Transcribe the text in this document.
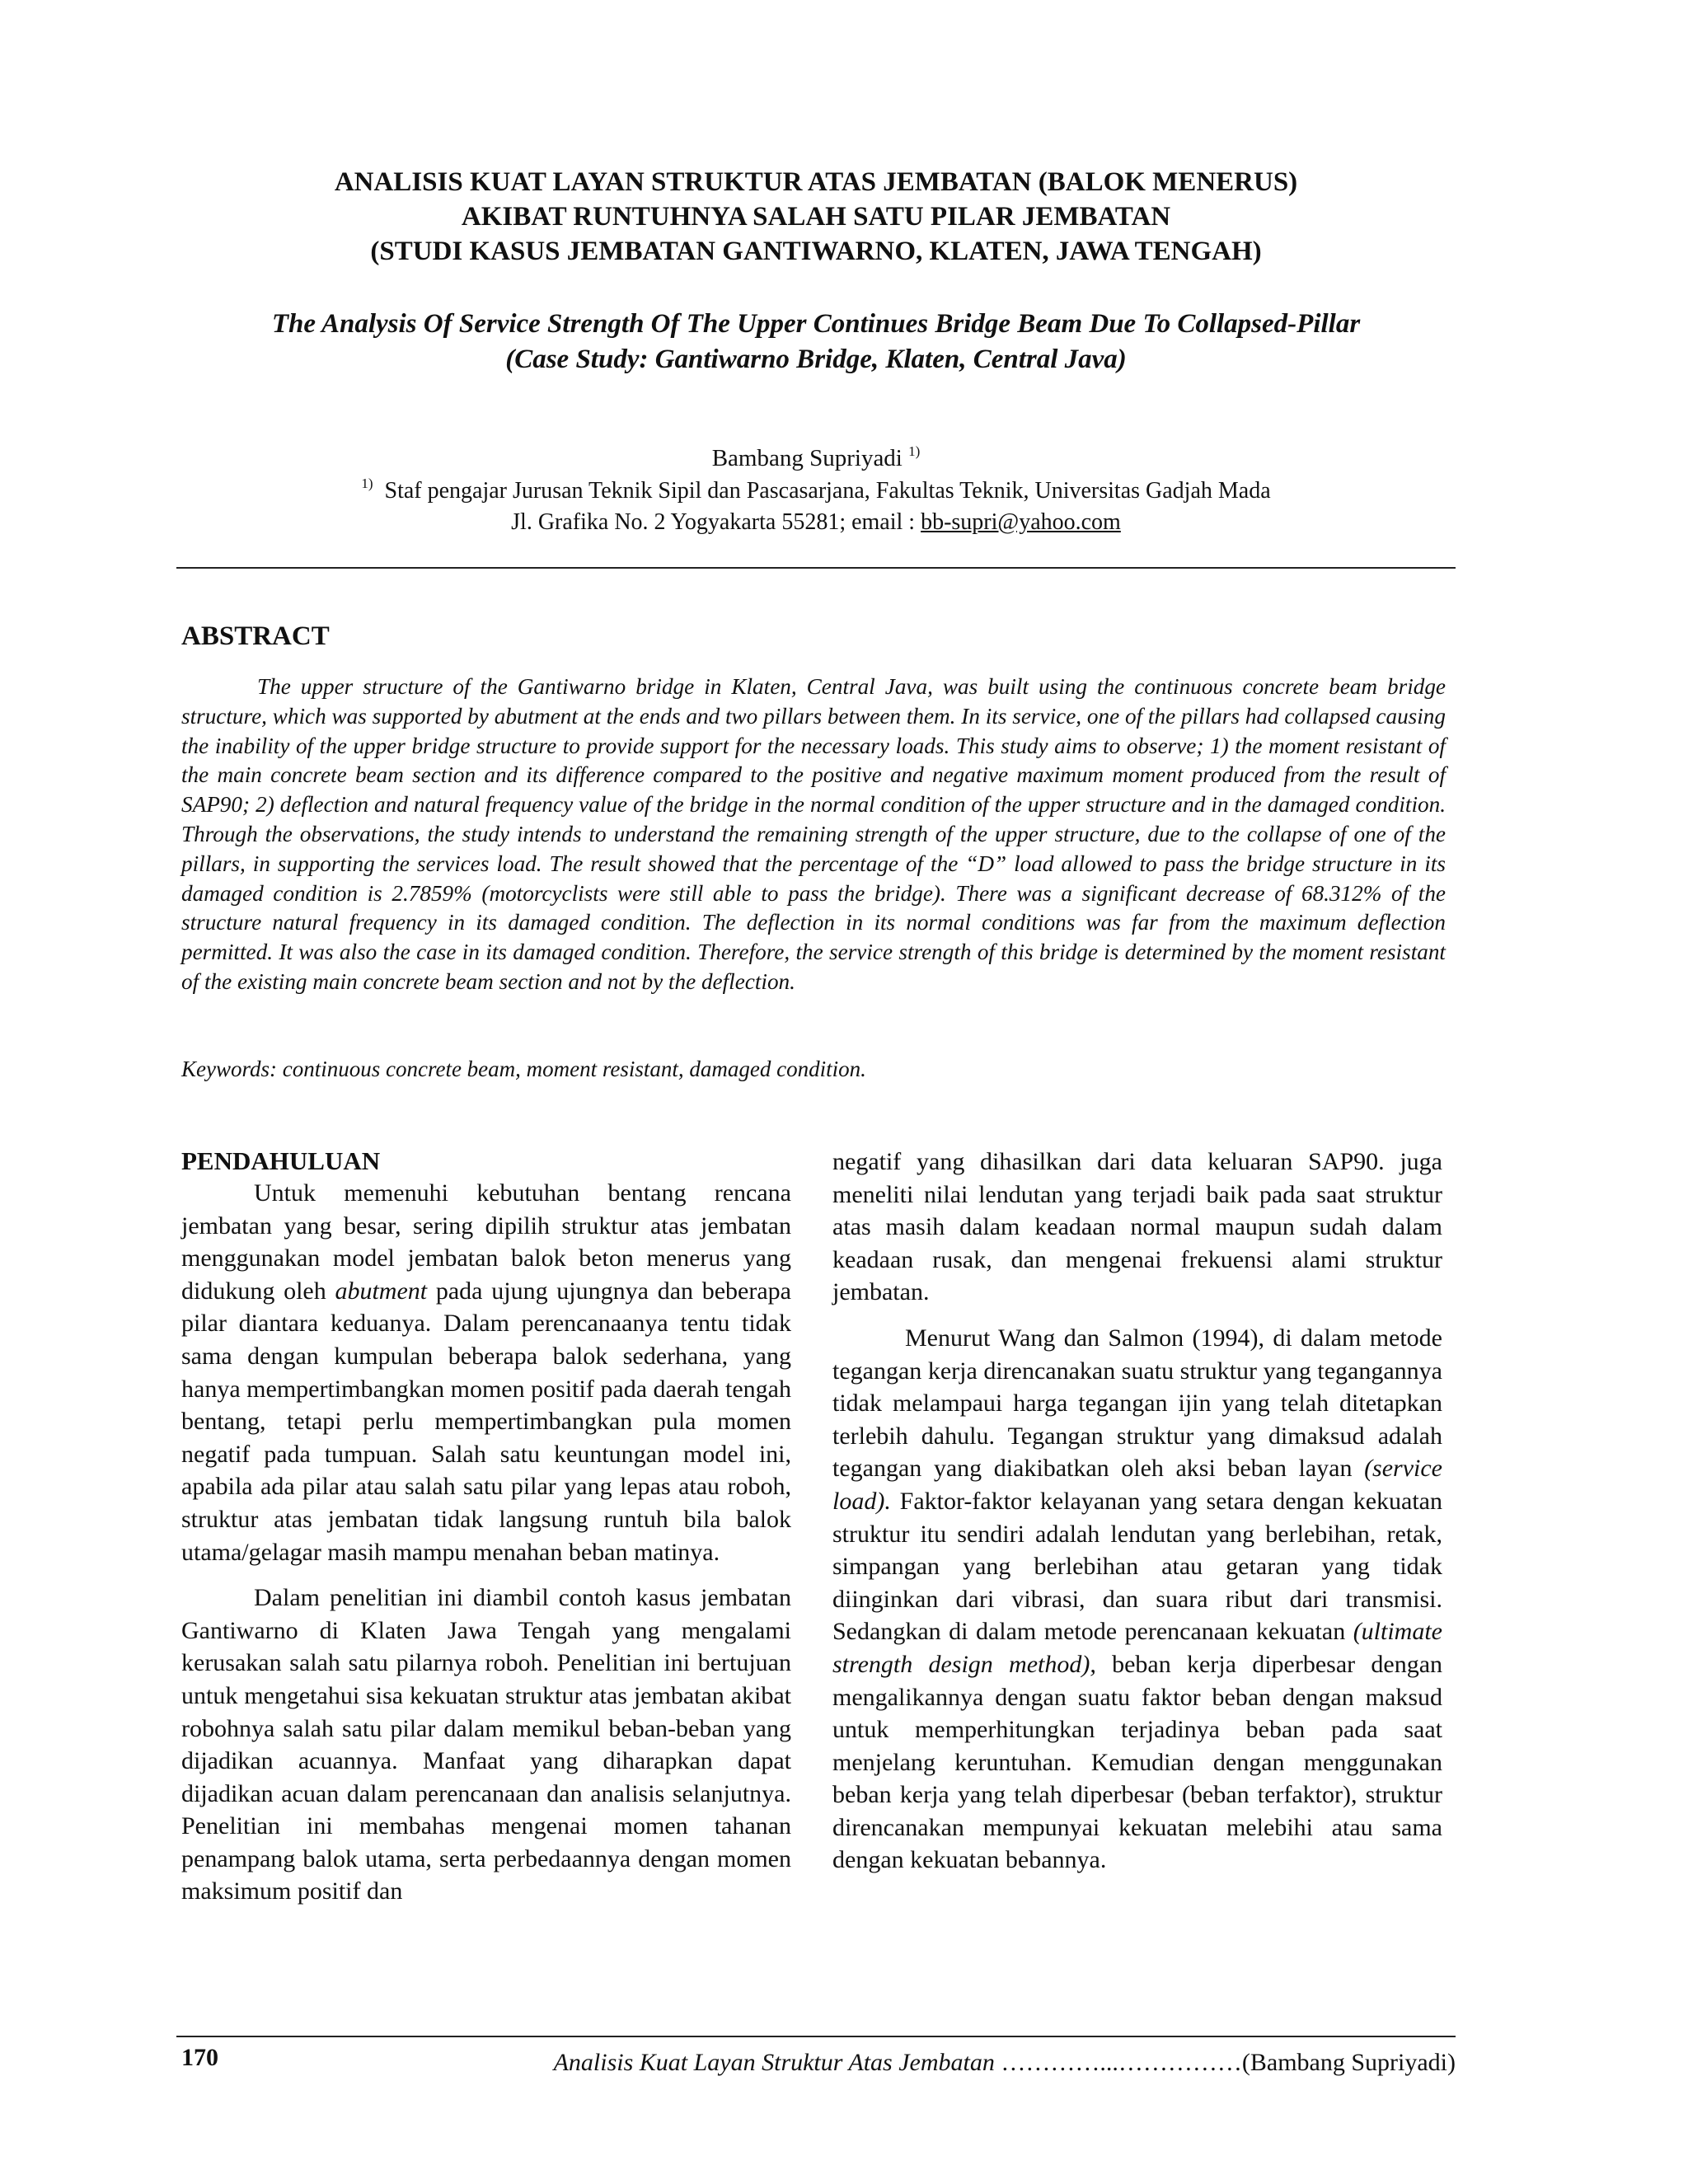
ANALISIS KUAT LAYAN STRUKTUR ATAS JEMBATAN (BALOK MENERUS)
AKIBAT RUNTUHNYA SALAH SATU PILAR JEMBATAN
(STUDI KASUS JEMBATAN GANTIWARNO, KLATEN, JAWA TENGAH)
The Analysis Of Service Strength Of The Upper Continues Bridge Beam Due To Collapsed-Pillar
(Case Study: Gantiwarno Bridge, Klaten, Central Java)
Bambang Supriyadi $^{1)}$
$^{1)}$ Staf pengajar Jurusan Teknik Sipil dan Pascasarjana, Fakultas Teknik, Universitas Gadjah Mada
Jl. Grafika No. 2 Yogyakarta 55281; email : bb-supri@yahoo.com
ABSTRACT

The upper structure of the Gantiwarno bridge in Klaten, Central Java, was built using the continuous concrete beam bridge structure, which was supported by abutment at the ends and two pillars between them. In its service, one of the pillars had collapsed causing the inability of the upper bridge structure to provide support for the necessary loads. This study aims to observe; 1) the moment resistant of the main concrete beam section and its difference compared to the positive and negative maximum moment produced from the result of SAP90; 2) deflection and natural frequency value of the bridge in the normal condition of the upper structure and in the damaged condition. Through the observations, the study intends to understand the remaining strength of the upper structure, due to the collapse of one of the pillars, in supporting the services load. The result showed that the percentage of the “D” load allowed to pass the bridge structure in its damaged condition is 2.7859% (motorcyclists were still able to pass the bridge). There was a significant decrease of 68.312% of the structure natural frequency in its damaged condition. The deflection in its normal conditions was far from the maximum deflection permitted. It was also the case in its damaged condition. Therefore, the service strength of this bridge is determined by the moment resistant of the existing main concrete beam section and not by the deflection.

Keywords: continuous concrete beam, moment resistant, damaged condition.

PENDAHULUAN

Untuk memenuhi kebutuhan bentang rencana jembatan yang besar, sering dipilih struktur atas jembatan menggunakan model jembatan balok beton menerus yang didukung oleh abutment pada ujung ujungnya dan beberapa pilar diantara keduanya. Dalam perencanaanya tentu tidak sama dengan kumpulan beberapa balok sederhana, yang hanya mempertimbangkan momen positif pada daerah tengah bentang, tetapi perlu mempertimbangkan pula momen negatif pada tumpuan. Salah satu keuntungan model ini, apabila ada pilar atau salah satu pilar yang lepas atau roboh, struktur atas jembatan tidak langsung runtuh bila balok utama/gelagar masih mampu menahan beban matinya.

Dalam penelitian ini diambil contoh kasus jembatan Gantiwarno di Klaten Jawa Tengah yang mengalami kerusakan salah satu pilarnya roboh. Penelitian ini bertujuan untuk mengetahui sisa kekuatan struktur atas jembatan akibat robohnya salah satu pilar dalam memikul beban-beban yang dijadikan acuannya. Manfaat yang diharapkan dapat dijadikan acuan dalam perencanaan dan analisis selanjutnya. Penelitian ini membahas mengenai momen tahanan penampang balok utama, serta perbedaannya dengan momen maksimum positif dan

negatif yang dihasilkan dari data keluaran SAP90. juga meneliti nilai lendutan yang terjadi baik pada saat struktur atas masih dalam keadaan normal maupun sudah dalam keadaan rusak, dan mengenai frekuensi alami struktur jembatan.

Menurut Wang dan Salmon (1994), di dalam metode tegangan kerja direncanakan suatu struktur yang tegangannya tidak melampaui harga tegangan ijin yang telah ditetapkan terlebih dahulu. Tegangan struktur yang dimaksud adalah tegangan yang diakibatkan oleh aksi beban layan (service load). Faktor-faktor kelayanan yang setara dengan kekuatan struktur itu sendiri adalah lendutan yang berlebihan, retak, simpangan yang berlebihan atau getaran yang tidak diinginkan dari vibrasi, dan suara ribut dari transmisi. Sedangkan di dalam metode perencanaan kekuatan (ultimate strength design method), beban kerja diperbesar dengan mengalikannya dengan suatu faktor beban dengan maksud untuk memperhitungkan terjadinya beban pada saat menjelang keruntuhan. Kemudian dengan menggunakan beban kerja yang telah diperbesar (beban terfaktor), struktur direncanakan mempunyai kekuatan melebihi atau sama dengan kekuatan bebannya.

170	Analisis Kuat Layan Struktur Atas Jembatan …………...……………(Bambang Supriyadi)
